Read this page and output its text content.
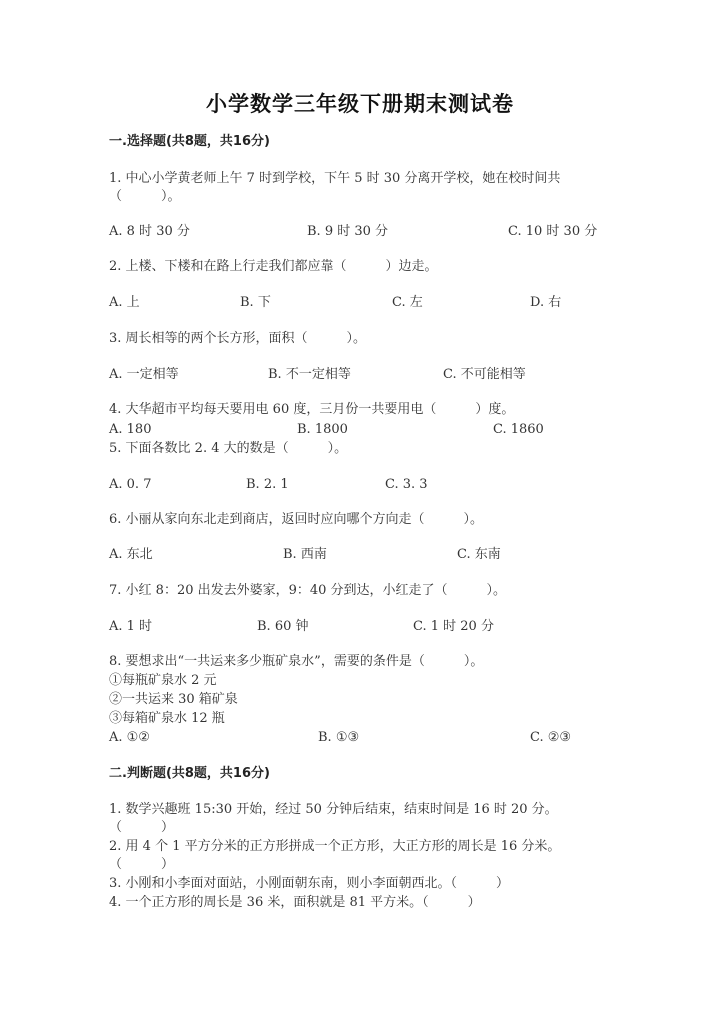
小学数学三年级下册期末测试卷
一.选择题(共8题，共16分)
1. 中心小学黄老师上午 7 时到学校，下午 5 时 30 分离开学校，她在校时间共
（　　　）。
A. 8 时 30 分	B. 9 时 30 分	C. 10 时 30 分
2. 上楼、下楼和在路上行走我们都应靠（　　　）边走。
A. 上	B. 下	C. 左	D. 右
3. 周长相等的两个长方形，面积（　　　）。
A. 一定相等	B. 不一定相等	C. 不可能相等
4. 大华超市平均每天要用电 60 度，三月份一共要用电（　　　）度。
A. 180	B. 1800	C. 1860
5. 下面各数比 2. 4 大的数是（　　　）。
A. 0. 7	B. 2. 1	C. 3. 3
6. 小丽从家向东北走到商店，返回时应向哪个方向走（　　　）。
A. 东北	B. 西南	C. 东南
7. 小红 8：20 出发去外婆家，9：40 分到达，小红走了（　　　）。
A. 1 时	B. 60 钟	C. 1 时 20 分
8. 要想求出“一共运来多少瓶矿泉水”，需要的条件是（　　　）。
①每瓶矿泉水 2 元
②一共运来 30 箱矿泉
③每箱矿泉水 12 瓶
A. ①②	B. ①③	C. ②③
二.判断题(共8题，共16分)
1. 数学兴趣班 15:30 开始，经过 50 分钟后结束，结束时间是 16 时 20 分。
（　　　）
2. 用 4 个 1 平方分米的正方形拼成一个正方形，大正方形的周长是 16 分米。
（　　　）
3. 小刚和小李面对面站，小刚面朝东南，则小李面朝西北。（　　　）
4. 一个正方形的周长是 36 米，面积就是 81 平方米。（　　　）
